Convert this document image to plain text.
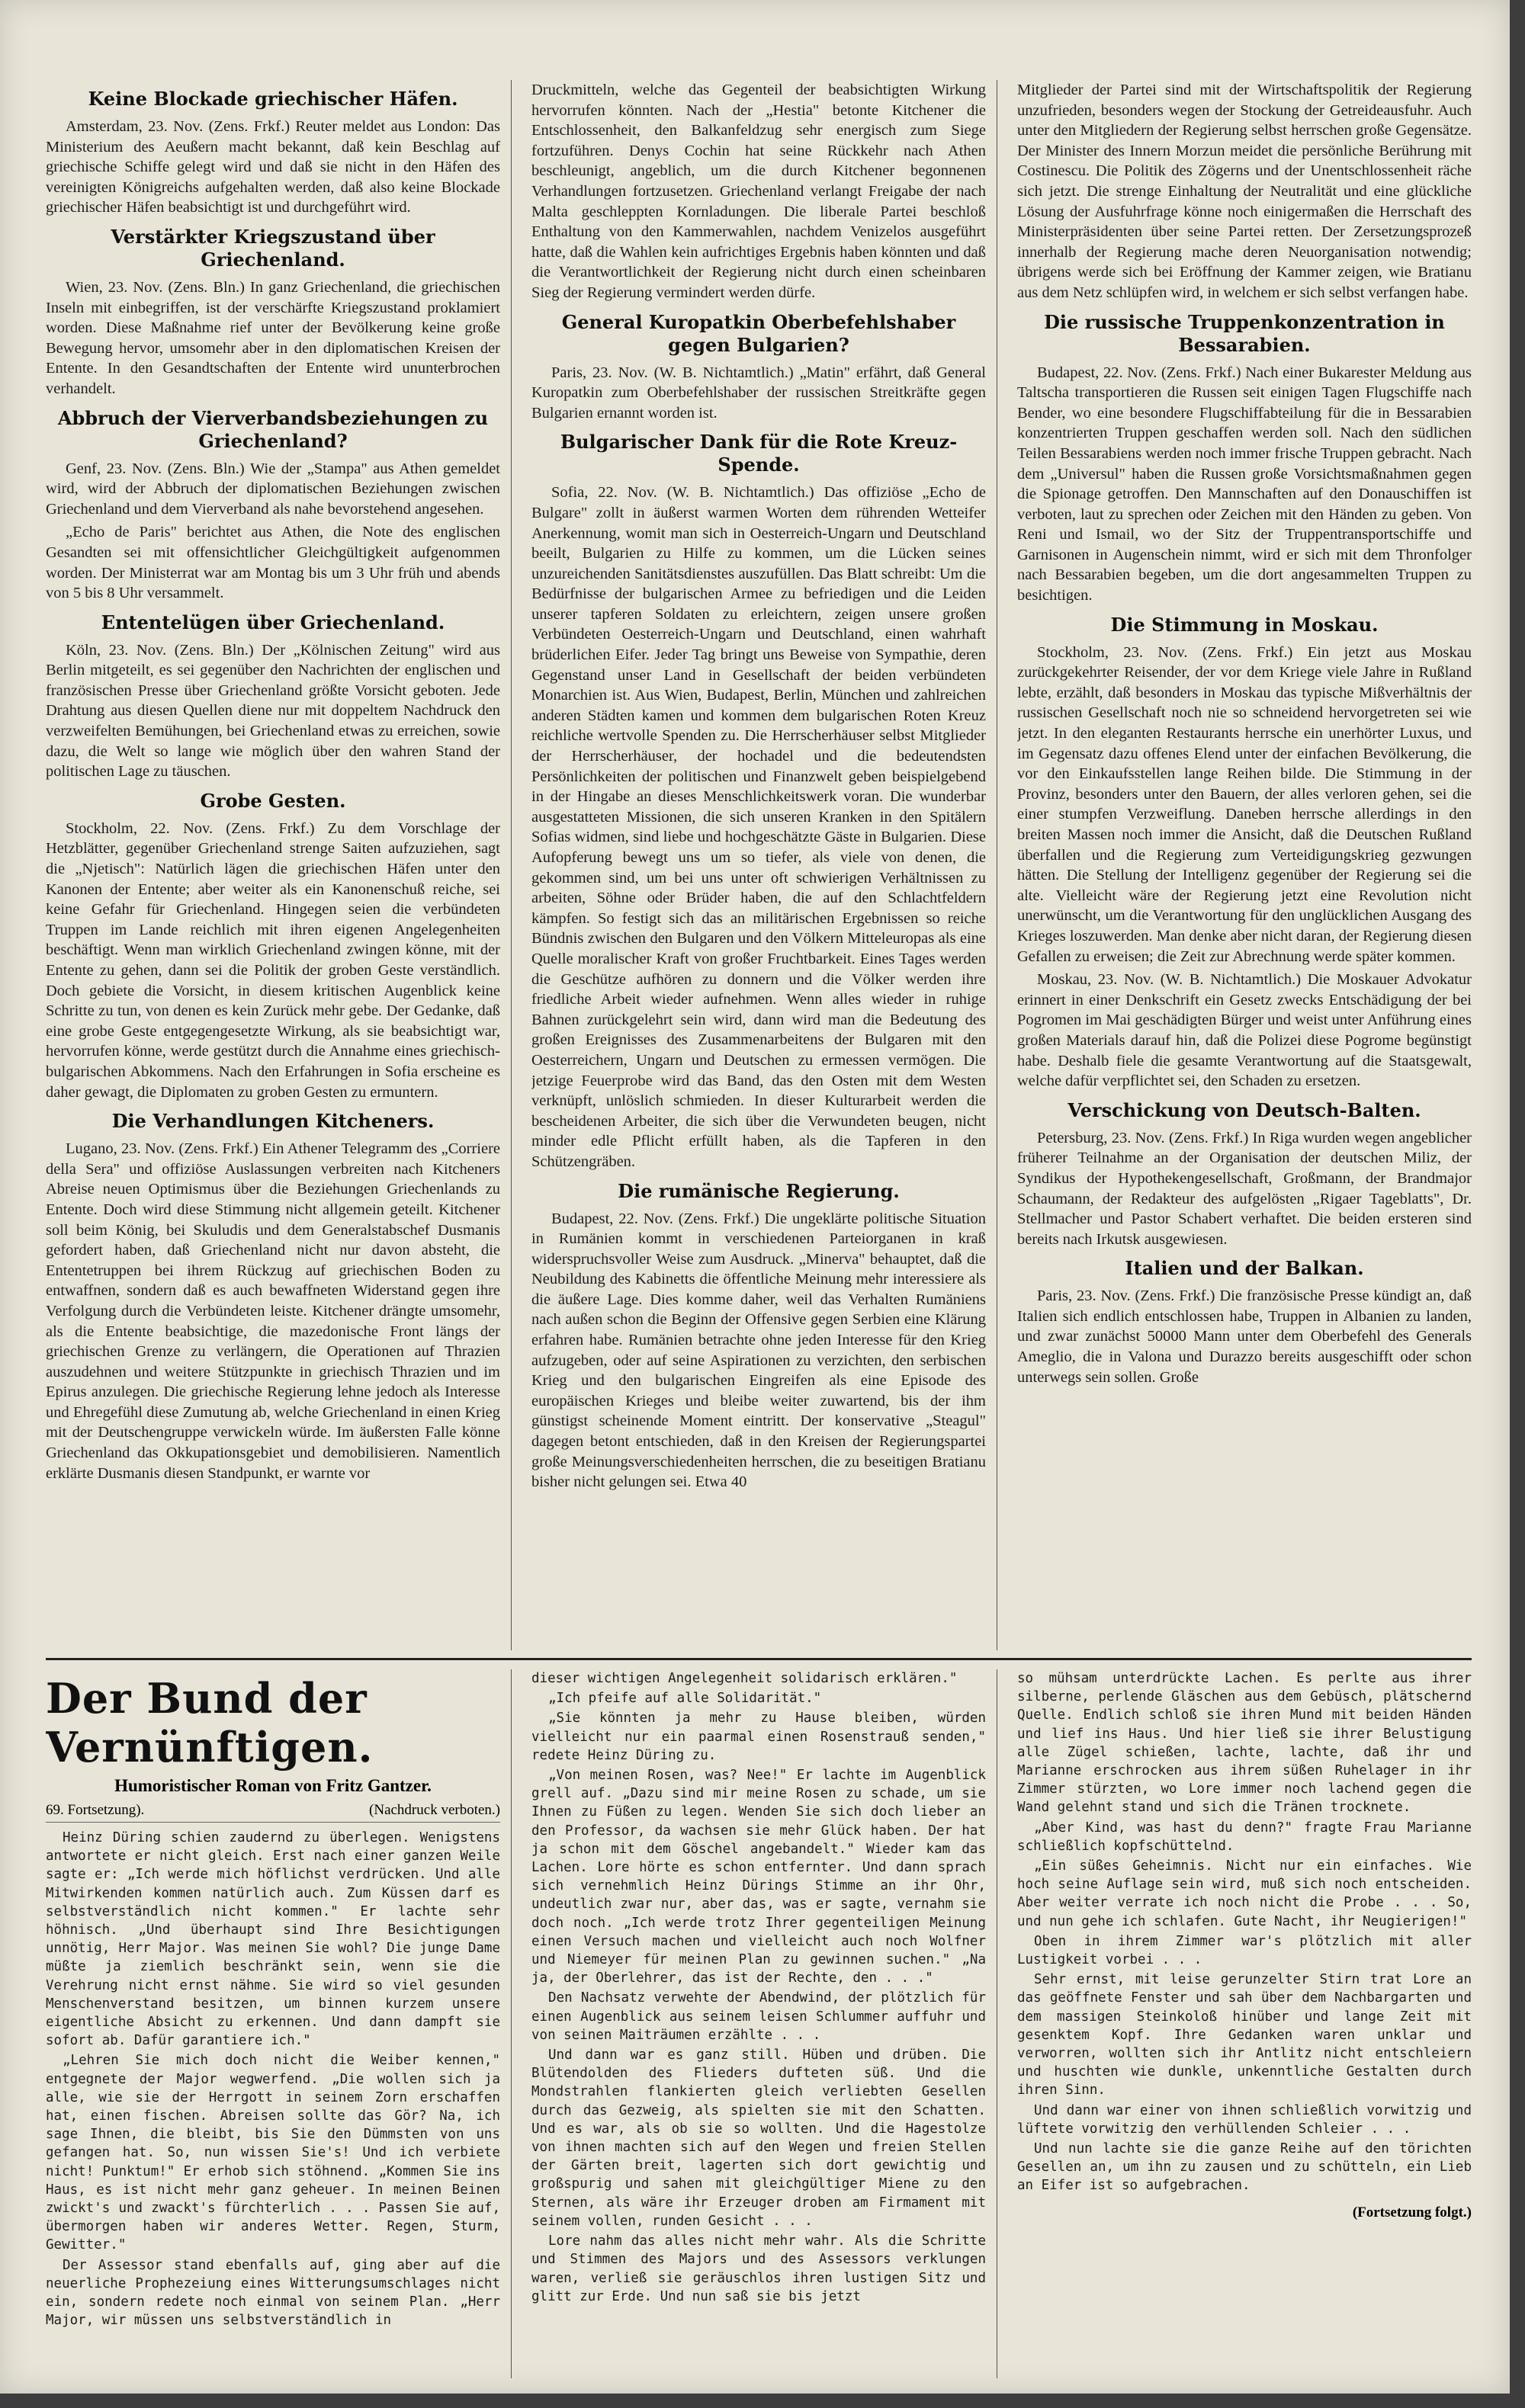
Keine Blockade griechischer Häfen.

Amsterdam, 23. Nov. (Zens. Frkf.) Reuter meldet aus London: Das Ministerium des Aeußern macht bekannt, daß kein Beschlag auf griechische Schiffe gelegt wird und daß sie nicht in den Häfen des vereinigten Königreichs aufgehalten werden, daß also keine Blockade griechischer Häfen beabsichtigt ist und durchgeführt wird.

Verstärkter Kriegszustand über Griechenland.

Wien, 23. Nov. (Zens. Bln.) In ganz Griechenland, die griechischen Inseln mit einbegriffen, ist der verschärfte Kriegszustand proklamiert worden. Diese Maßnahme rief unter der Bevölkerung keine große Bewegung hervor, umsomehr aber in den diplomatischen Kreisen der Entente. In den Gesandtschaften der Entente wird ununterbrochen verhandelt.

Abbruch der Vierverbandsbeziehungen zu Griechenland?

Genf, 23. Nov. (Zens. Bln.) Wie der „Stampa" aus Athen gemeldet wird, wird der Abbruch der diplomatischen Beziehungen zwischen Griechenland und dem Vierverband als nahe bevorstehend angesehen.

„Echo de Paris" berichtet aus Athen, die Note des englischen Gesandten sei mit offensichtlicher Gleichgültigkeit aufgenommen worden. Der Ministerrat war am Montag bis um 3 Uhr früh und abends von 5 bis 8 Uhr versammelt.

Ententelügen über Griechenland.

Köln, 23. Nov. (Zens. Bln.) Der „Kölnischen Zeitung" wird aus Berlin mitgeteilt, es sei gegenüber den Nachrichten der englischen und französischen Presse über Griechenland größte Vorsicht geboten. Jede Drahtung aus diesen Quellen diene nur mit doppeltem Nachdruck den verzweifelten Bemühungen, bei Griechenland etwas zu erreichen, sowie dazu, die Welt so lange wie möglich über den wahren Stand der politischen Lage zu täuschen.

Grobe Gesten.

Stockholm, 22. Nov. (Zens. Frkf.) Zu dem Vorschlage der Hetzblätter, gegenüber Griechenland strenge Saiten aufzuziehen, sagt die „Njetisch": Natürlich lägen die griechischen Häfen unter den Kanonen der Entente; aber weiter als ein Kanonenschuß reiche, sei keine Gefahr für Griechenland. Hingegen seien die verbündeten Truppen im Lande reichlich mit ihren eigenen Angelegenheiten beschäftigt. Wenn man wirklich Griechenland zwingen könne, mit der Entente zu gehen, dann sei die Politik der groben Geste verständlich. Doch gebiete die Vorsicht, in diesem kritischen Augenblick keine Schritte zu tun, von denen es kein Zurück mehr gebe. Der Gedanke, daß eine grobe Geste entgegengesetzte Wirkung, als sie beabsichtigt war, hervorrufen könne, werde gestützt durch die Annahme eines griechisch-bulgarischen Abkommens. Nach den Erfahrungen in Sofia erscheine es daher gewagt, die Diplomaten zu groben Gesten zu ermuntern.

Die Verhandlungen Kitcheners.

Lugano, 23. Nov. (Zens. Frkf.) Ein Athener Telegramm des „Corriere della Sera" und offiziöse Auslassungen verbreiten nach Kitcheners Abreise neuen Optimismus über die Beziehungen Griechenlands zu Entente. Doch wird diese Stimmung nicht allgemein geteilt. Kitchener soll beim König, bei Skuludis und dem Generalstabschef Dusmanis gefordert haben, daß Griechenland nicht nur davon absteht, die Ententetruppen bei ihrem Rückzug auf griechischen Boden zu entwaffnen, sondern daß es auch bewaffneten Widerstand gegen ihre Verfolgung durch die Verbündeten leiste. Kitchener drängte umsomehr, als die Entente beabsichtige, die mazedonische Front längs der griechischen Grenze zu verlängern, die Operationen auf Thrazien auszudehnen und weitere Stützpunkte in griechisch Thrazien und im Epirus anzulegen. Die griechische Regierung lehne jedoch als Interesse und Ehregefühl diese Zumutung ab, welche Griechenland in einen Krieg mit der Deutschengruppe verwickeln würde. Im äußersten Falle könne Griechenland das Okkupationsgebiet und demobilisieren. Namentlich erklärte Dusmanis diesen Standpunkt, er warnte vor

Druckmitteln, welche das Gegenteil der beabsichtigten Wirkung hervorrufen könnten. Nach der „Hestia" betonte Kitchener die Entschlossenheit, den Balkanfeldzug sehr energisch zum Siege fortzuführen. Denys Cochin hat seine Rückkehr nach Athen beschleunigt, angeblich, um die durch Kitchener begonnenen Verhandlungen fortzusetzen. Griechenland verlangt Freigabe der nach Malta geschleppten Kornladungen. Die liberale Partei beschloß Enthaltung von den Kammerwahlen, nachdem Venizelos ausgeführt hatte, daß die Wahlen kein aufrichtiges Ergebnis haben könnten und daß die Verantwortlichkeit der Regierung nicht durch einen scheinbaren Sieg der Regierung vermindert werden dürfe.

General Kuropatkin Oberbefehlshaber gegen Bulgarien?

Paris, 23. Nov. (W. B. Nichtamtlich.) „Matin" erfährt, daß General Kuropatkin zum Oberbefehlshaber der russischen Streitkräfte gegen Bulgarien ernannt worden ist.

Bulgarischer Dank für die Rote Kreuz-Spende.

Sofia, 22. Nov. (W. B. Nichtamtlich.) Das offiziöse „Echo de Bulgare" zollt in äußerst warmen Worten dem rührenden Wetteifer Anerkennung, womit man sich in Oesterreich-Ungarn und Deutschland beeilt, Bulgarien zu Hilfe zu kommen, um die Lücken seines unzureichenden Sanitätsdienstes auszufüllen. Das Blatt schreibt: Um die Bedürfnisse der bulgarischen Armee zu befriedigen und die Leiden unserer tapferen Soldaten zu erleichtern, zeigen unsere großen Verbündeten Oesterreich-Ungarn und Deutschland, einen wahrhaft brüderlichen Eifer. Jeder Tag bringt uns Beweise von Sympathie, deren Gegenstand unser Land in Gesellschaft der beiden verbündeten Monarchien ist. Aus Wien, Budapest, Berlin, München und zahlreichen anderen Städten kamen und kommen dem bulgarischen Roten Kreuz reichliche wertvolle Spenden zu. Die Herrscherhäuser selbst Mitglieder der Herrscherhäuser, der hochadel und die bedeutendsten Persönlichkeiten der politischen und Finanzwelt geben beispielgebend in der Hingabe an dieses Menschlichkeitswerk voran. Die wunderbar ausgestatteten Missionen, die sich unseren Kranken in den Spitälern Sofias widmen, sind liebe und hochgeschätzte Gäste in Bulgarien. Diese Aufopferung bewegt uns um so tiefer, als viele von denen, die gekommen sind, um bei uns unter oft schwierigen Verhältnissen zu arbeiten, Söhne oder Brüder haben, die auf den Schlachtfeldern kämpfen. So festigt sich das an militärischen Ergebnissen so reiche Bündnis zwischen den Bulgaren und den Völkern Mitteleuropas als eine Quelle moralischer Kraft von großer Fruchtbarkeit. Eines Tages werden die Geschütze aufhören zu donnern und die Völker werden ihre friedliche Arbeit wieder aufnehmen. Wenn alles wieder in ruhige Bahnen zurückgelehrt sein wird, dann wird man die Bedeutung des großen Ereignisses des Zusammenarbeitens der Bulgaren mit den Oesterreichern, Ungarn und Deutschen zu ermessen vermögen. Die jetzige Feuerprobe wird das Band, das den Osten mit dem Westen verknüpft, unlöslich schmieden. In dieser Kulturarbeit werden die bescheidenen Arbeiter, die sich über die Verwundeten beugen, nicht minder edle Pflicht erfüllt haben, als die Tapferen in den Schützengräben.

Die rumänische Regierung.

Budapest, 22. Nov. (Zens. Frkf.) Die ungeklärte politische Situation in Rumänien kommt in verschiedenen Parteiorganen in kraß widerspruchsvoller Weise zum Ausdruck. „Minerva" behauptet, daß die Neubildung des Kabinetts die öffentliche Meinung mehr interessiere als die äußere Lage. Dies komme daher, weil das Verhalten Rumäniens nach außen schon die Beginn der Offensive gegen Serbien eine Klärung erfahren habe. Rumänien betrachte ohne jeden Interesse für den Krieg aufzugeben, oder auf seine Aspirationen zu verzichten, den serbischen Krieg und den bulgarischen Eingreifen als eine Episode des europäischen Krieges und bleibe weiter zuwartend, bis der ihm günstigst scheinende Moment eintritt. Der konservative „Steagul" dagegen betont entschieden, daß in den Kreisen der Regierungspartei große Meinungsverschiedenheiten herrschen, die zu beseitigen Bratianu bisher nicht gelungen sei. Etwa 40

Mitglieder der Partei sind mit der Wirtschaftspolitik der Regierung unzufrieden, besonders wegen der Stockung der Getreideausfuhr. Auch unter den Mitgliedern der Regierung selbst herrschen große Gegensätze. Der Minister des Innern Morzun meidet die persönliche Berührung mit Costinescu. Die Politik des Zögerns und der Unentschlossenheit räche sich jetzt. Die strenge Einhaltung der Neutralität und eine glückliche Lösung der Ausfuhrfrage könne noch einigermaßen die Herrschaft des Ministerpräsidenten über seine Partei retten. Der Zersetzungsprozeß innerhalb der Regierung mache deren Neuorganisation notwendig; übrigens werde sich bei Eröffnung der Kammer zeigen, wie Bratianu aus dem Netz schlüpfen wird, in welchem er sich selbst verfangen habe.

Die russische Truppenkonzentration in Bessarabien.

Budapest, 22. Nov. (Zens. Frkf.) Nach einer Bukarester Meldung aus Taltscha transportieren die Russen seit einigen Tagen Flugschiffe nach Bender, wo eine besondere Flugschiffabteilung für die in Bessarabien konzentrierten Truppen geschaffen werden soll. Nach den südlichen Teilen Bessarabiens werden noch immer frische Truppen gebracht. Nach dem „Universul" haben die Russen große Vorsichtsmaßnahmen gegen die Spionage getroffen. Den Mannschaften auf den Donauschiffen ist verboten, laut zu sprechen oder Zeichen mit den Händen zu geben. Von Reni und Ismail, wo der Sitz der Truppentransportschiffe und Garnisonen in Augenschein nimmt, wird er sich mit dem Thronfolger nach Bessarabien begeben, um die dort angesammelten Truppen zu besichtigen.

Die Stimmung in Moskau.

Stockholm, 23. Nov. (Zens. Frkf.) Ein jetzt aus Moskau zurückgekehrter Reisender, der vor dem Kriege viele Jahre in Rußland lebte, erzählt, daß besonders in Moskau das typische Mißverhältnis der russischen Gesellschaft noch nie so schneidend hervorgetreten sei wie jetzt. In den eleganten Restaurants herrsche ein unerhörter Luxus, und im Gegensatz dazu offenes Elend unter der einfachen Bevölkerung, die vor den Einkaufsstellen lange Reihen bilde. Die Stimmung in der Provinz, besonders unter den Bauern, der alles verloren gehen, sei die einer stumpfen Verzweiflung. Daneben herrsche allerdings in den breiten Massen noch immer die Ansicht, daß die Deutschen Rußland überfallen und die Regierung zum Verteidigungskrieg gezwungen hätten. Die Stellung der Intelligenz gegenüber der Regierung sei die alte. Vielleicht wäre der Regierung jetzt eine Revolution nicht unerwünscht, um die Verantwortung für den unglücklichen Ausgang des Krieges loszuwerden. Man denke aber nicht daran, der Regierung diesen Gefallen zu erweisen; die Zeit zur Abrechnung werde später kommen.

Moskau, 23. Nov. (W. B. Nichtamtlich.) Die Moskauer Advokatur erinnert in einer Denkschrift ein Gesetz zwecks Entschädigung der bei Pogromen im Mai geschädigten Bürger und weist unter Anführung eines großen Materials darauf hin, daß die Polizei diese Pogrome begünstigt habe. Deshalb fiele die gesamte Verantwortung auf die Staatsgewalt, welche dafür verpflichtet sei, den Schaden zu ersetzen.

Verschickung von Deutsch-Balten.

Petersburg, 23. Nov. (Zens. Frkf.) In Riga wurden wegen angeblicher früherer Teilnahme an der Organisation der deutschen Miliz, der Syndikus der Hypothekengesellschaft, Großmann, der Brandmajor Schaumann, der Redakteur des aufgelösten „Rigaer Tageblatts", Dr. Stellmacher und Pastor Schabert verhaftet. Die beiden ersteren sind bereits nach Irkutsk ausgewiesen.

Italien und der Balkan.

Paris, 23. Nov. (Zens. Frkf.) Die französische Presse kündigt an, daß Italien sich endlich entschlossen habe, Truppen in Albanien zu landen, und zwar zunächst 50000 Mann unter dem Oberbefehl des Generals Ameglio, die in Valona und Durazzo bereits ausgeschifft oder schon unterwegs sein sollen. Große

Der Bund der Vernünftigen.
Humoristischer Roman von Fritz Gantzer.
69. Fortsetzung).	(Nachdruck verboten.)

Heinz Düring schien zaudernd zu überlegen. Wenigstens antwortete er nicht gleich. Erst nach einer ganzen Weile sagte er: „Ich werde mich höflichst verdrücken. Und alle Mitwirkenden kommen natürlich auch. Zum Küssen darf es selbstverständlich nicht kommen." Er lachte sehr höhnisch. „Und überhaupt sind Ihre Besichtigungen unnötig, Herr Major. Was meinen Sie wohl? Die junge Dame müßte ja ziemlich beschränkt sein, wenn sie die Verehrung nicht ernst nähme. Sie wird so viel gesunden Menschenverstand besitzen, um binnen kurzem unsere eigentliche Absicht zu erkennen. Und dann dampft sie sofort ab. Dafür garantiere ich."

„Lehren Sie mich doch nicht die Weiber kennen," entgegnete der Major wegwerfend. „Die wollen sich ja alle, wie sie der Herrgott in seinem Zorn erschaffen hat, einen fischen. Abreisen sollte das Gör? Na, ich sage Ihnen, die bleibt, bis Sie den Dümmsten von uns gefangen hat. So, nun wissen Sie's! Und ich verbiete nicht! Punktum!" Er erhob sich stöhnend. „Kommen Sie ins Haus, es ist nicht mehr ganz geheuer. In meinen Beinen zwickt's und zwackt's fürchterlich . . . Passen Sie auf, übermorgen haben wir anderes Wetter. Regen, Sturm, Gewitter."

Der Assessor stand ebenfalls auf, ging aber auf die neuerliche Prophezeiung eines Witterungsumschlages nicht ein, sondern redete noch einmal von seinem Plan. „Herr Major, wir müssen uns selbstverständlich in

dieser wichtigen Angelegenheit solidarisch erklären."

„Ich pfeife auf alle Solidarität."

„Sie könnten ja mehr zu Hause bleiben, würden vielleicht nur ein paarmal einen Rosenstrauß senden," redete Heinz Düring zu.

„Von meinen Rosen, was? Nee!" Er lachte im Augenblick grell auf. „Dazu sind mir meine Rosen zu schade, um sie Ihnen zu Füßen zu legen. Wenden Sie sich doch lieber an den Professor, da wachsen sie mehr Glück haben. Der hat ja schon mit dem Göschel angebandelt." Wieder kam das Lachen. Lore hörte es schon entfernter. Und dann sprach sich vernehmlich Heinz Dürings Stimme an ihr Ohr, undeutlich zwar nur, aber das, was er sagte, vernahm sie doch noch. „Ich werde trotz Ihrer gegenteiligen Meinung einen Versuch machen und vielleicht auch noch Wolfner und Niemeyer für meinen Plan zu gewinnen suchen." „Na ja, der Oberlehrer, das ist der Rechte, den . . ."

Den Nachsatz verwehte der Abendwind, der plötzlich für einen Augenblick aus seinem leisen Schlummer auffuhr und von seinen Maiträumen erzählte . . .

Und dann war es ganz still. Hüben und drüben. Die Blütendolden des Flieders dufteten süß. Und die Mondstrahlen flankierten gleich verliebten Gesellen durch das Gezweig, als spielten sie mit den Schatten. Und es war, als ob sie so wollten. Und die Hagestolze von ihnen machten sich auf den Wegen und freien Stellen der Gärten breit, lagerten sich dort gewichtig und großspurig und sahen mit gleichgültiger Miene zu den Sternen, als wäre ihr Erzeuger droben am Firmament mit seinem vollen, runden Gesicht . . .

Lore nahm das alles nicht mehr wahr. Als die Schritte und Stimmen des Majors und des Assessors verklungen waren, verließ sie geräuschlos ihren lustigen Sitz und glitt zur Erde. Und nun saß sie bis jetzt

so mühsam unterdrückte Lachen. Es perlte aus ihrer silberne, perlende Gläschen aus dem Gebüsch, plätschernd Quelle. Endlich schloß sie ihren Mund mit beiden Händen und lief ins Haus. Und hier ließ sie ihrer Belustigung alle Zügel schießen, lachte, lachte, daß ihr und Marianne erschrocken aus ihrem süßen Ruhelager in ihr Zimmer stürzten, wo Lore immer noch lachend gegen die Wand gelehnt stand und sich die Tränen trocknete.

„Aber Kind, was hast du denn?" fragte Frau Marianne schließlich kopfschüttelnd.

„Ein süßes Geheimnis. Nicht nur ein einfaches. Wie hoch seine Auflage sein wird, muß sich noch entscheiden. Aber weiter verrate ich noch nicht die Probe . . . So, und nun gehe ich schlafen. Gute Nacht, ihr Neugierigen!"

Oben in ihrem Zimmer war's plötzlich mit aller Lustigkeit vorbei . . .

Sehr ernst, mit leise gerunzelter Stirn trat Lore an das geöffnete Fenster und sah über dem Nachbargarten und dem massigen Steinkoloß hinüber und lange Zeit mit gesenktem Kopf. Ihre Gedanken waren unklar und verworren, wollten sich ihr Antlitz nicht entschleiern und huschten wie dunkle, unkenntliche Gestalten durch ihren Sinn.

Und dann war einer von ihnen schließlich vorwitzig und lüftete vorwitzig den verhüllenden Schleier . . .

Und nun lachte sie die ganze Reihe auf den törichten Gesellen an, um ihn zu zausen und zu schütteln, ein Lieb an Eifer ist so aufgebrachen.

(Fortsetzung folgt.)
